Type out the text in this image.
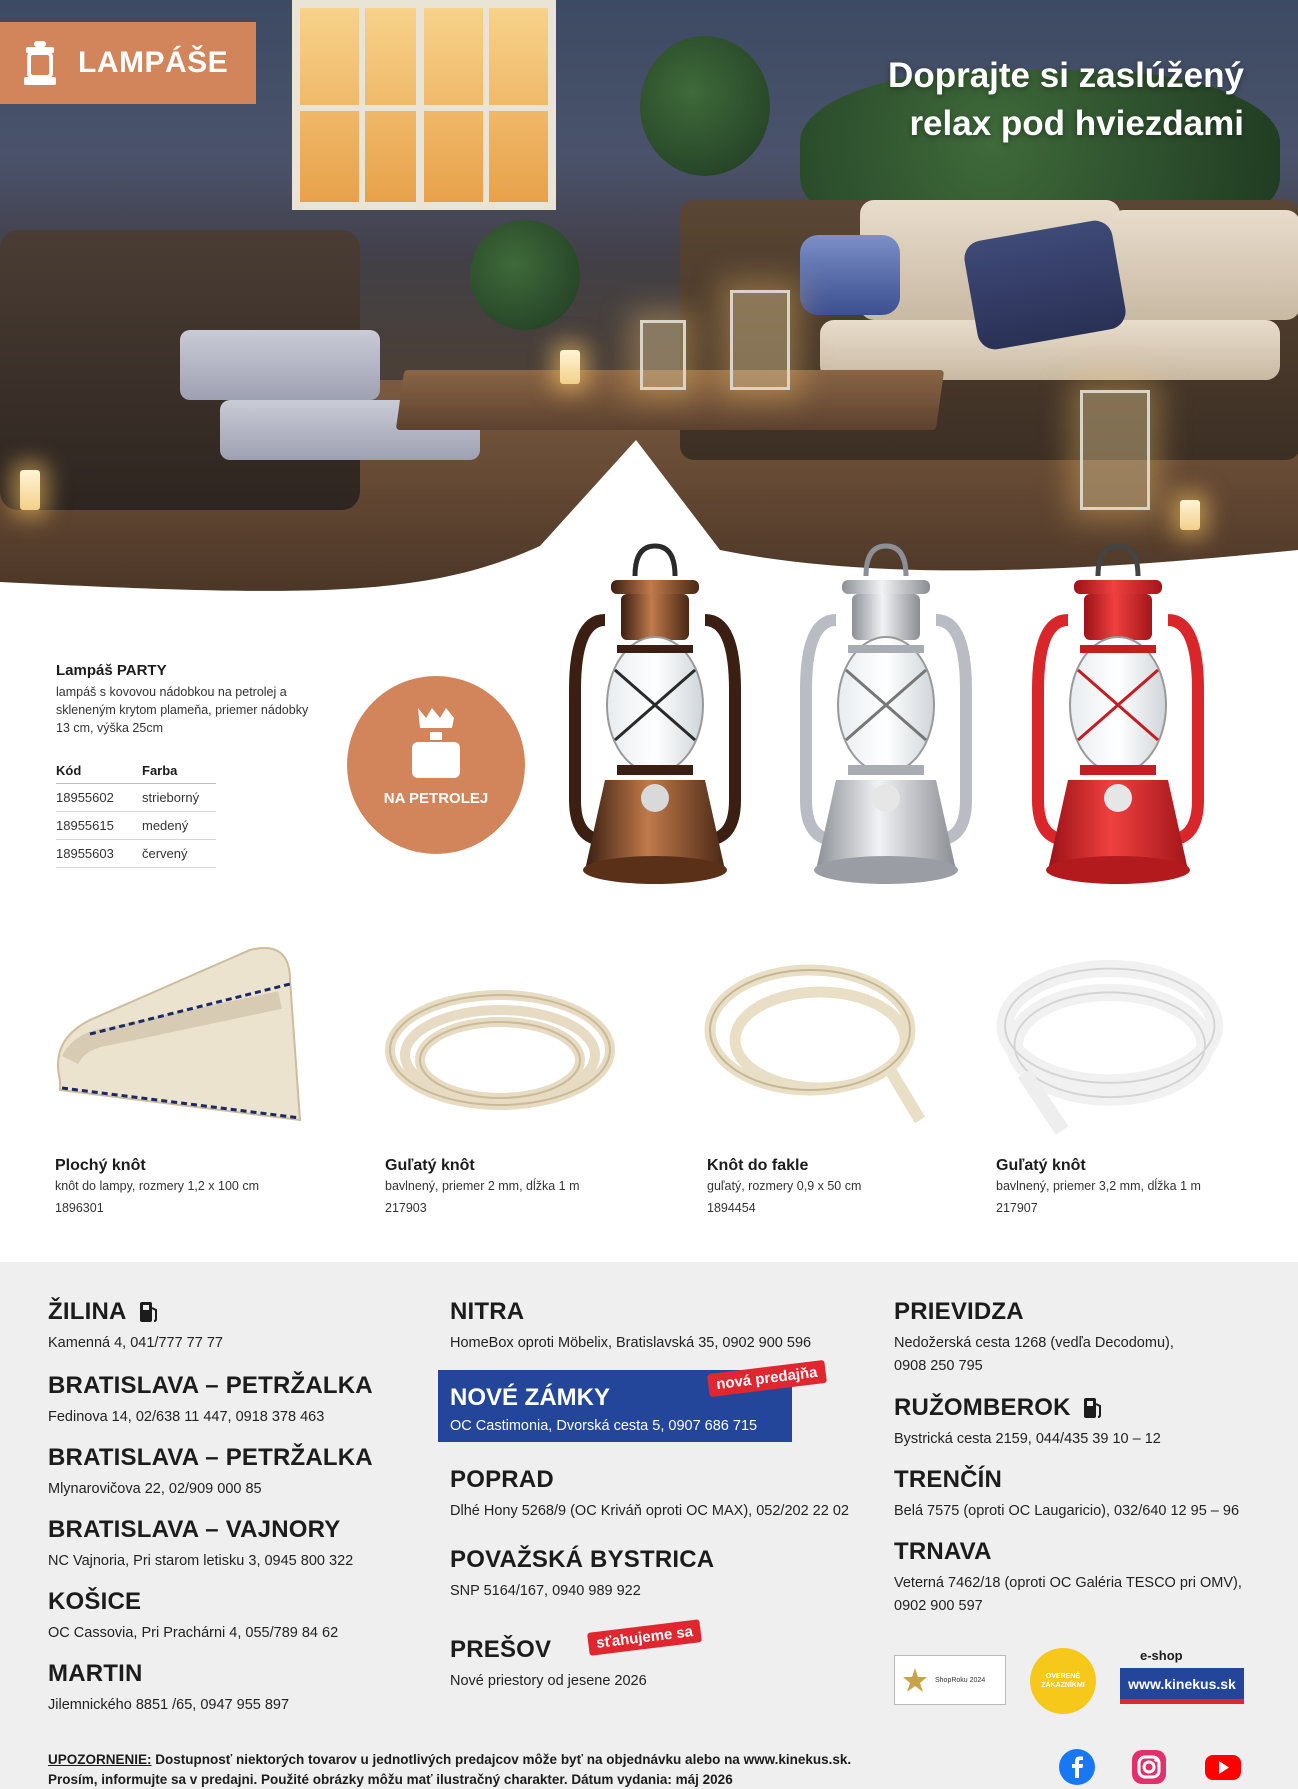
LAMPÁŠE	Doprajte si zaslúžený
relax pod hviezdami
Lampáš PARTY
lampáš s kovovou nádobkou na petrolej a skleneným krytom plameňa, priemer nádobky 13 cm, výška 25cm
Kód	Farba
18955602	strieborný
18955615	medený
18955603	červený
NA PETROLEJ
Plochý knôt
knôt do lampy, rozmery 1,2 x 100 cm
1896301
Guľatý knôt
bavlnený, priemer 2 mm, dĺžka 1 m
217903
Knôt do fakle
guľatý, rozmery 0,9 x 50 cm
1894454
Guľatý knôt
bavlnený, priemer 3,2 mm, dĺžka 1 m
217907
ŽILINA
Kamenná 4, 041/777 77 77
BRATISLAVA – PETRŽALKA
Fedinova 14, 02/638 11 447, 0918 378 463
BRATISLAVA – PETRŽALKA
Mlynarovičova 22, 02/909 000 85
BRATISLAVA – VAJNORY
NC Vajnoria, Pri starom letisku 3, 0945 800 322
KOŠICE
OC Cassovia, Pri Prachárni 4, 055/789 84 62
MARTIN
Jilemnického 8851 /65, 0947 955 897
NITRA
HomeBox oproti Möbelix, Bratislavská 35, 0902 900 596
NOVÉ ZÁMKY
OC Castimonia, Dvorská cesta 5, 0907 686 715
nová predajňa
POPRAD
Dlhé Hony 5268/9 (OC Kriváň oproti OC MAX), 052/202 22 02
POVAŽSKÁ BYSTRICA
SNP 5164/167, 0940 989 922
PREŠOV
Nové priestory od jesene 2026
sťahujeme sa
PRIEVIDZA
Nedožerská cesta 1268 (vedľa Decodomu),
0908 250 795
RUŽOMBEROK
Bystrická cesta 2159, 044/435 39 10 – 12
TRENČÍN
Belá 7575 (oproti OC Laugaricio), 032/640 12 95 – 96
TRNAVA
Veterná 7462/18 (oproti OC Galéria TESCO pri OMV),
0902 900 597
ShopRoku 2024	OVERENÉ ZÁKAZNÍKMI
e-shop
www.kinekus.sk
UPOZORNENIE: Dostupnosť niektorých tovarov u jednotlivých predajcov môže byť na objednávku alebo na www.kinekus.sk.
Prosím, informujte sa v predajni. Použité obrázky môžu mať ilustračný charakter. Dátum vydania: máj 2026
